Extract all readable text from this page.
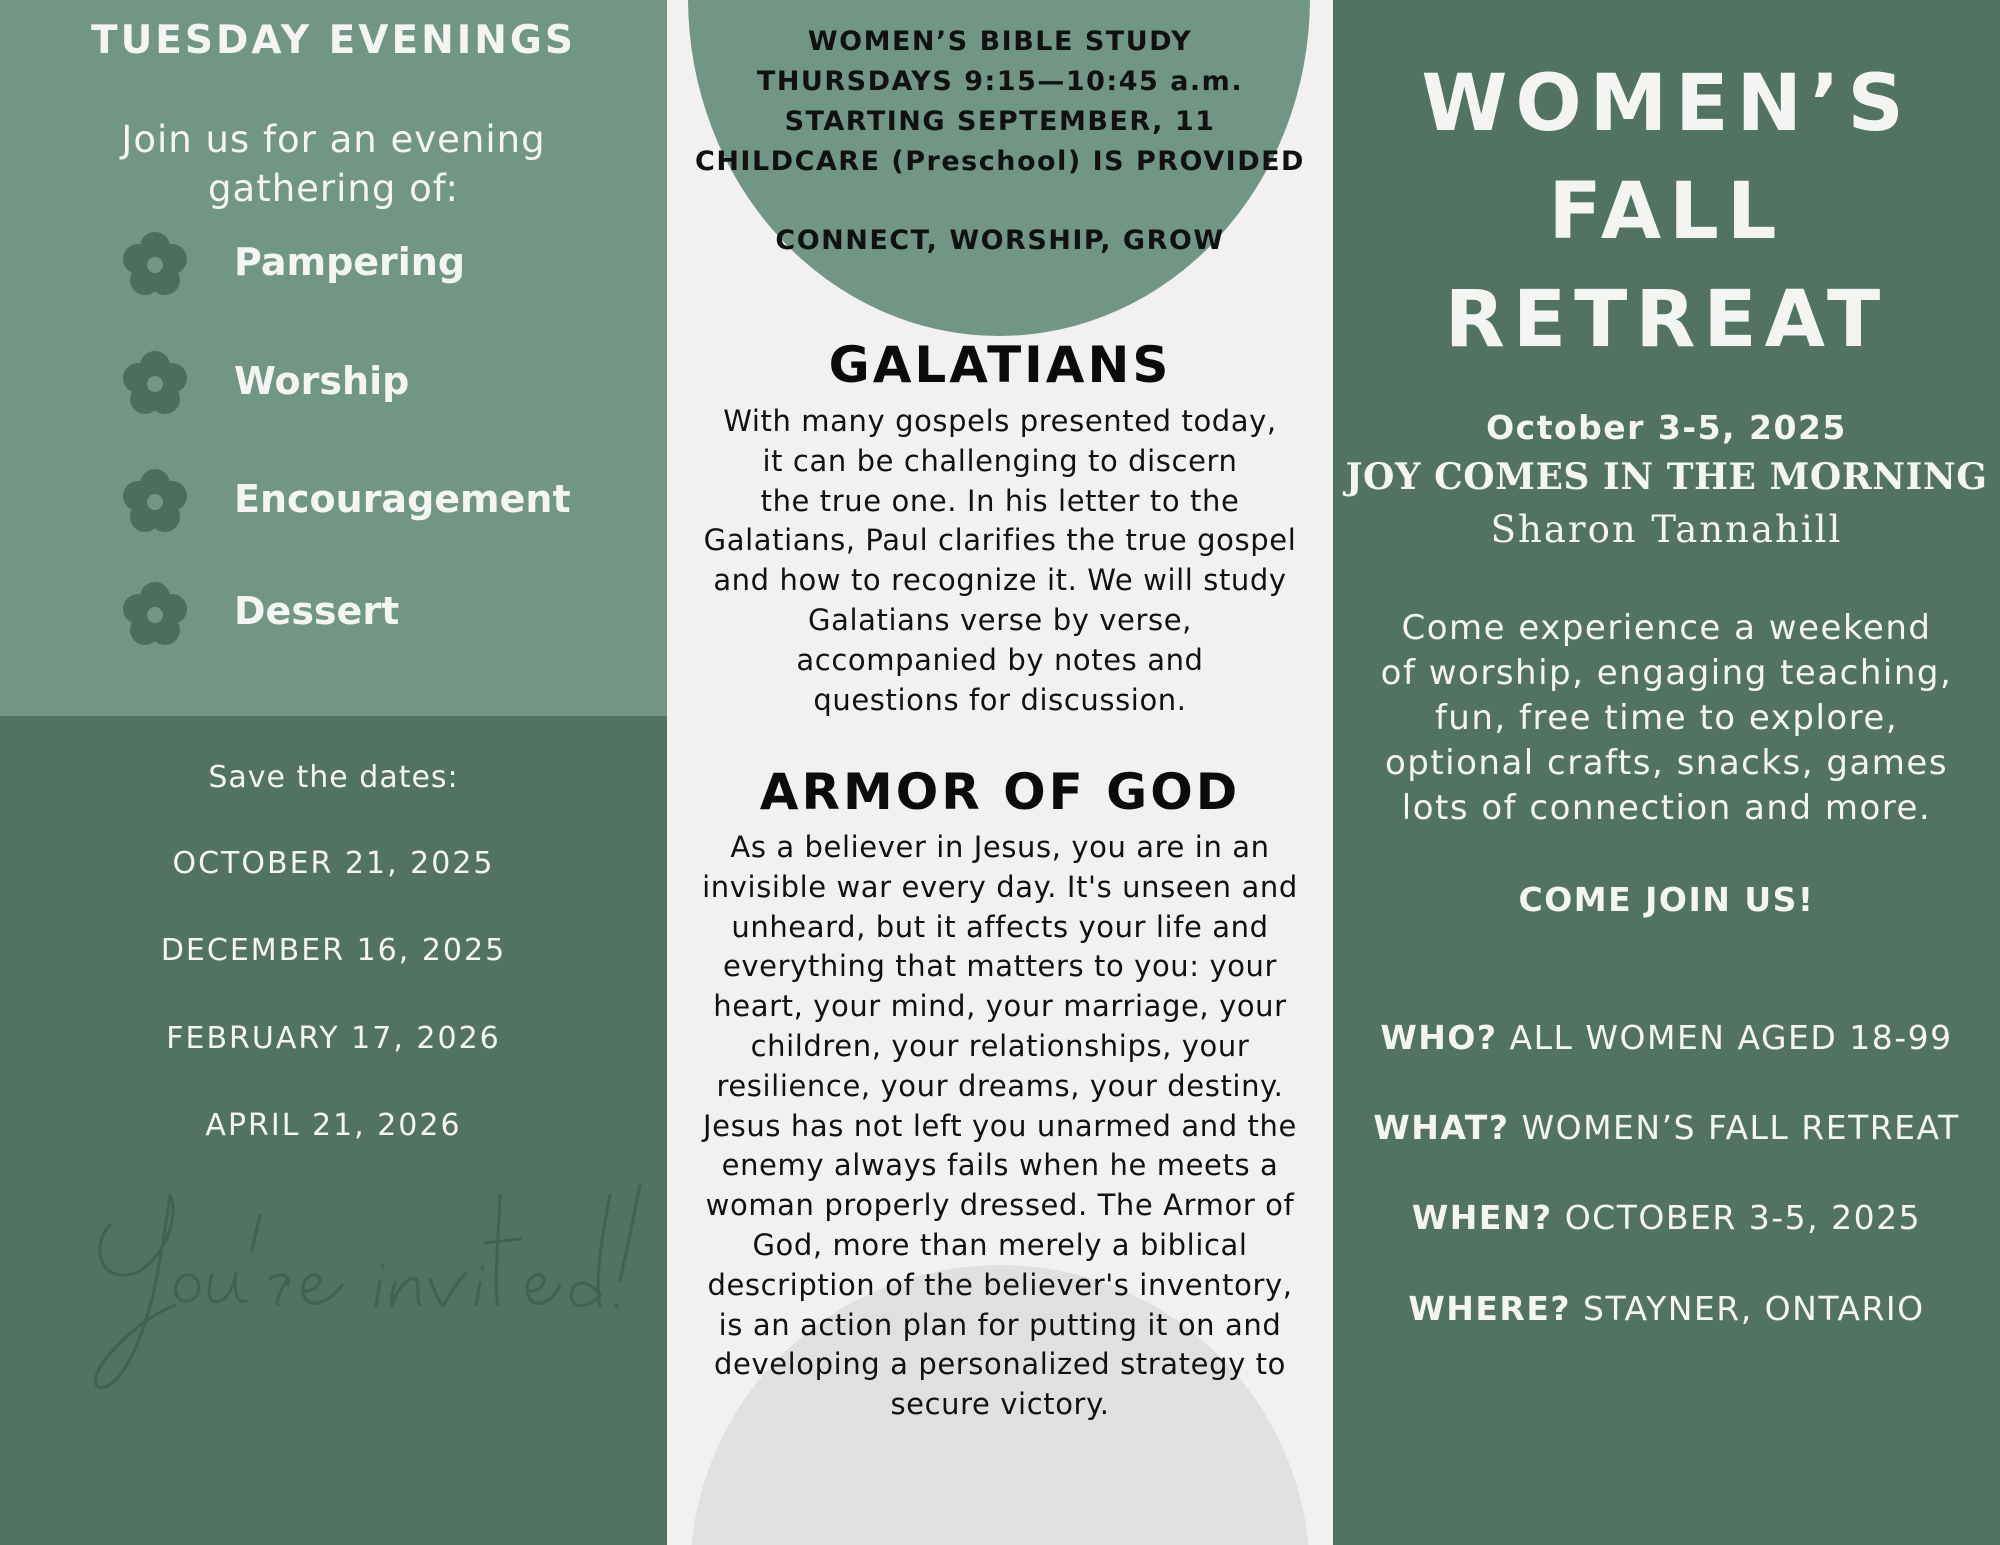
TUESDAY EVENINGS
Join us for an evening
gathering of:
Pampering
Worship
Encouragement
Dessert
Save the dates:
OCTOBER 21, 2025
DECEMBER 16, 2025
FEBRUARY 17, 2026
APRIL 21, 2026
WOMEN’S BIBLE STUDY
THURSDAYS 9:15—10:45 a.m.
STARTING SEPTEMBER, 11
CHILDCARE (Preschool) IS PROVIDED
CONNECT, WORSHIP, GROW
GALATIANS
With many gospels presented today,
it can be challenging to discern
the true one. In his letter to the
Galatians, Paul clarifies the true gospel
and how to recognize it. We will study
Galatians verse by verse,
accompanied by notes and
questions for discussion.
ARMOR OF GOD
As a believer in Jesus, you are in an
invisible war every day. It's unseen and
unheard, but it affects your life and
everything that matters to you: your
heart, your mind, your marriage, your
children, your relationships, your
resilience, your dreams, your destiny.
Jesus has not left you unarmed and the
enemy always fails when he meets a
woman properly dressed. The Armor of
God, more than merely a biblical
description of the believer's inventory,
is an action plan for putting it on and
developing a personalized strategy to
secure victory.
WOMEN’S
FALL
RETREAT
October 3-5, 2025
JOY COMES IN THE MORNING
Sharon Tannahill
Come experience a weekend
of worship, engaging teaching,
fun, free time to explore,
optional crafts, snacks, games
lots of connection and more.
COME JOIN US!
WHO? ALL WOMEN AGED 18-99
WHAT? WOMEN’S FALL RETREAT
WHEN? OCTOBER 3-5, 2025
WHERE? STAYNER, ONTARIO
